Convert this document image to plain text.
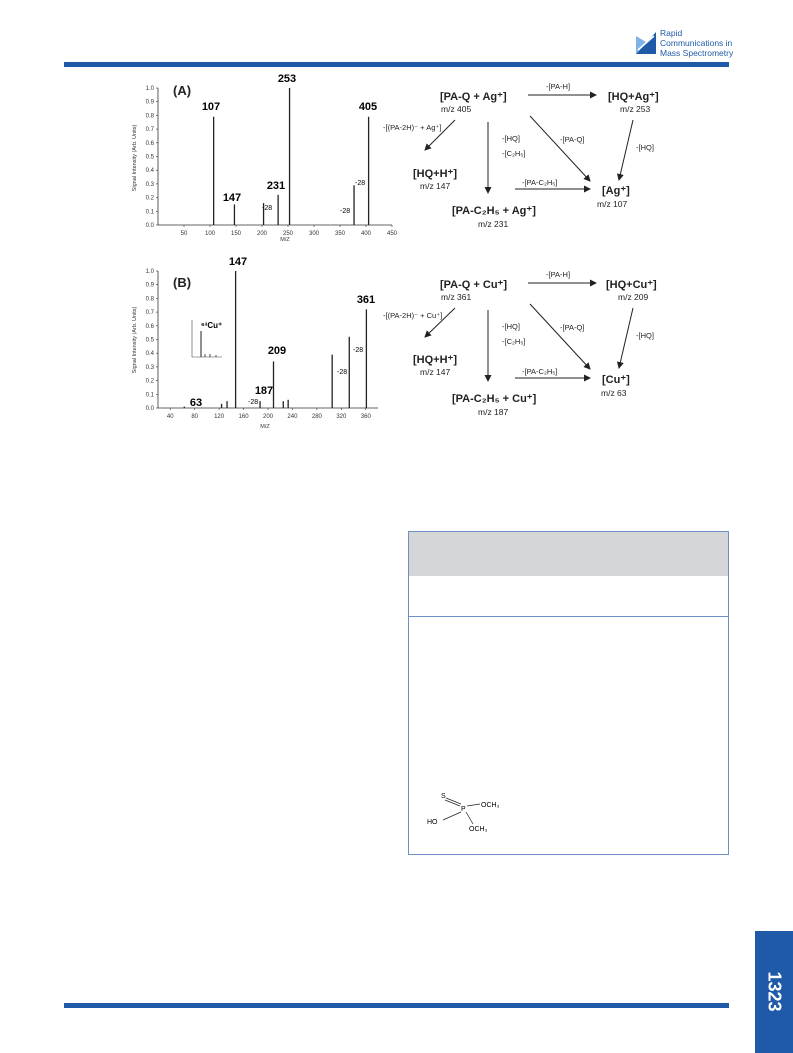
Rapid
Communications in
Mass Spectrometry
(A)
Signal Intensity (Arb. Units)
M/Z
50	100	150	200	250	300	350	400	450
0.0
0.1
0.2
0.3
0.4
0.5
0.6
0.7
0.8
0.9
1.0
107
147
231
253
405
-28	-28
-28
[PA-Q + Ag⁺]
m/z 405
[HQ+Ag⁺]
m/z 253
[HQ+H⁺]
m/z 147
[PA-C₂H₅ + Ag⁺]
m/z 231
[Ag⁺]
m/z 107
-[PA-H]
-[(PA-2H)⁻ + Ag⁺]
-[HQ]
-[C₂H₅]
-[PA-Q]
-[HQ]
-[PA-C₂H₅]
(B)
Signal Intensity (Arb. Units)
M/Z
40	80	120 160 200 240 280 320 360
0.0
0.1
0.2
0.3
0.4
0.5
0.6
0.7
0.8
0.9
1.0
⁶³Cu⁺
63
147
187
209
361
-28
-28
-28
[PA-Q + Cu⁺]
m/z 361
[HQ+Cu⁺]
m/z 209
[HQ+H⁺]
m/z 147
[PA-C₂H₅ + Cu⁺]
m/z 187
[Cu⁺]
m/z 63
-[PA-H]
-[(PA-2H)⁻ + Cu⁺]
-[HQ]
-[C₂H₅]
-[PA-Q]
-[HQ]
-[PA-C₂H₅]
S
P
HO
OCH₃
OCH₃
1323
